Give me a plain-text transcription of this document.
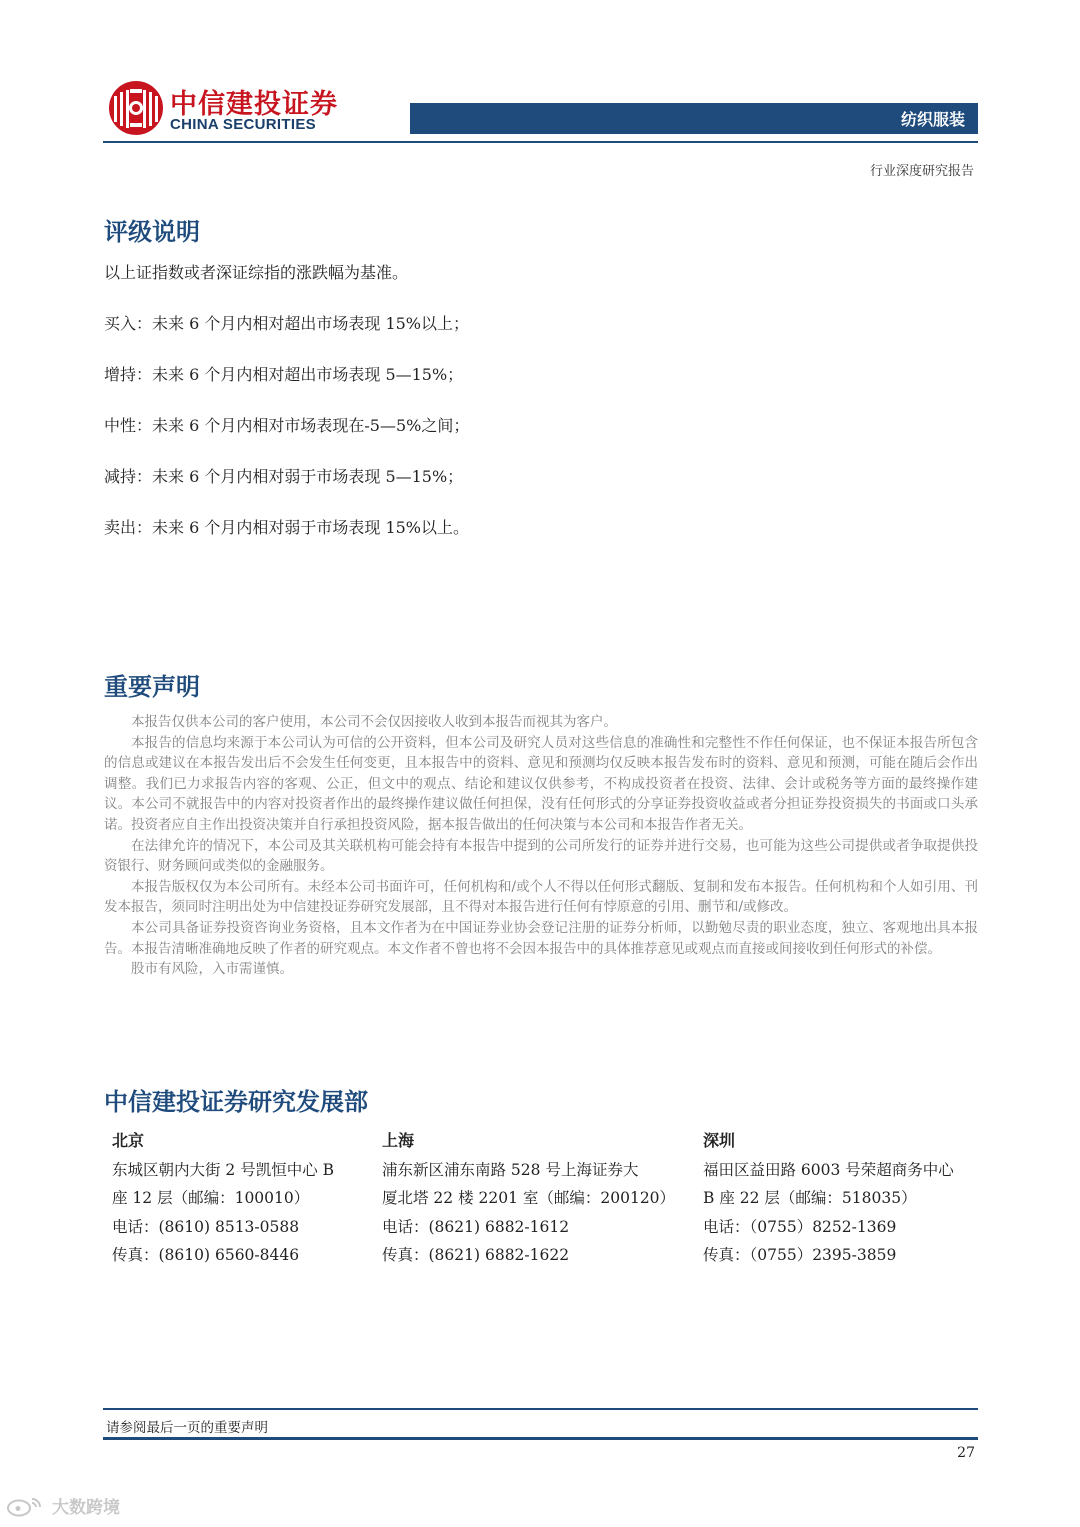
中信建投证券
CHINA SECURITIES	纺织服装
行业深度研究报告
评级说明
以上证指数或者深证综指的涨跌幅为基准。
买入：未来 6 个月内相对超出市场表现 15%以上；
增持：未来 6 个月内相对超出市场表现 5—15%；
中性：未来 6 个月内相对市场表现在-5—5%之间；
减持：未来 6 个月内相对弱于市场表现 5—15%；
卖出：未来 6 个月内相对弱于市场表现 15%以上。
重要声明

本报告仅供本公司的客户使用，本公司不会仅因接收人收到本报告而视其为客户。

本报告的信息均来源于本公司认为可信的公开资料，但本公司及研究人员对这些信息的准确性和完整性不作任何保证，也不保证本报告所包含的信息或建议在本报告发出后不会发生任何变更，且本报告中的资料、意见和预测均仅反映本报告发布时的资料、意见和预测，可能在随后会作出调整。我们已力求报告内容的客观、公正，但文中的观点、结论和建议仅供参考，不构成投资者在投资、法律、会计或税务等方面的最终操作建议。本公司不就报告中的内容对投资者作出的最终操作建议做任何担保，没有任何形式的分享证券投资收益或者分担证券投资损失的书面或口头承诺。投资者应自主作出投资决策并自行承担投资风险，据本报告做出的任何决策与本公司和本报告作者无关。

在法律允许的情况下，本公司及其关联机构可能会持有本报告中提到的公司所发行的证券并进行交易，也可能为这些公司提供或者争取提供投资银行、财务顾问或类似的金融服务。

本报告版权仅为本公司所有。未经本公司书面许可，任何机构和/或个人不得以任何形式翻版、复制和发布本报告。任何机构和个人如引用、刊发本报告，须同时注明出处为中信建投证券研究发展部，且不得对本报告进行任何有悖原意的引用、删节和/或修改。

本公司具备证券投资咨询业务资格，且本文作者为在中国证券业协会登记注册的证券分析师，以勤勉尽责的职业态度，独立、客观地出具本报告。本报告清晰准确地反映了作者的研究观点。本文作者不曾也将不会因本报告中的具体推荐意见或观点而直接或间接收到任何形式的补偿。

股市有风险，入市需谨慎。

中信建投证券研究发展部
北京
东城区朝内大街 2 号凯恒中心 B
座 12 层（邮编：100010）
电话：(8610) 8513-0588
传真：(8610) 6560-8446
上海
浦东新区浦东南路 528 号上海证券大
厦北塔 22 楼 2201 室（邮编：200120）
电话：(8621) 6882-1612
传真：(8621) 6882-1622
深圳
福田区益田路 6003 号荣超商务中心
B 座 22 层（邮编：518035）
电话：（0755）8252-1369
传真：（0755）2395-3859
请参阅最后一页的重要声明
27
大数跨境
